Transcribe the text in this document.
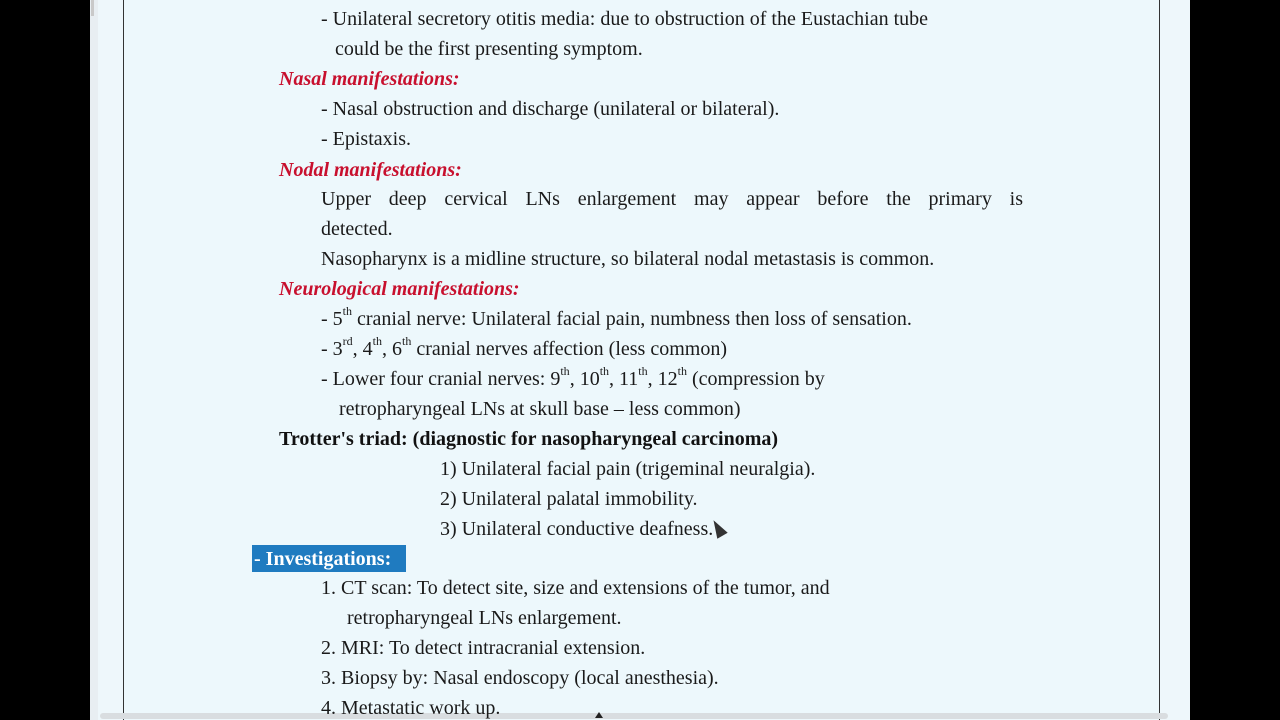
- Unilateral secretory otitis media: due to obstruction of the Eustachian tube
could be the first presenting symptom.
Nasal manifestations:
- Nasal obstruction and discharge (unilateral or bilateral).
- Epistaxis.
Nodal manifestations:
Upper deep cervical LNs enlargement may appear before the primary is
detected.
Nasopharynx is a midline structure, so bilateral nodal metastasis is common.
Neurological manifestations:
- 5th cranial nerve: Unilateral facial pain, numbness then loss of sensation.
- 3rd, 4th, 6th cranial nerves affection (less common)
- Lower four cranial nerves: 9th, 10th, 11th, 12th (compression by
retropharyngeal LNs at skull base – less common)
Trotter's triad: (diagnostic for nasopharyngeal carcinoma)
1) Unilateral facial pain (trigeminal neuralgia).
2) Unilateral palatal immobility.
3) Unilateral conductive deafness.
- Investigations:
1. CT scan: To detect site, size and extensions of the tumor, and
retropharyngeal LNs enlargement.
2. MRI: To detect intracranial extension.
3. Biopsy by: Nasal endoscopy (local anesthesia).
4. Metastatic work up.
